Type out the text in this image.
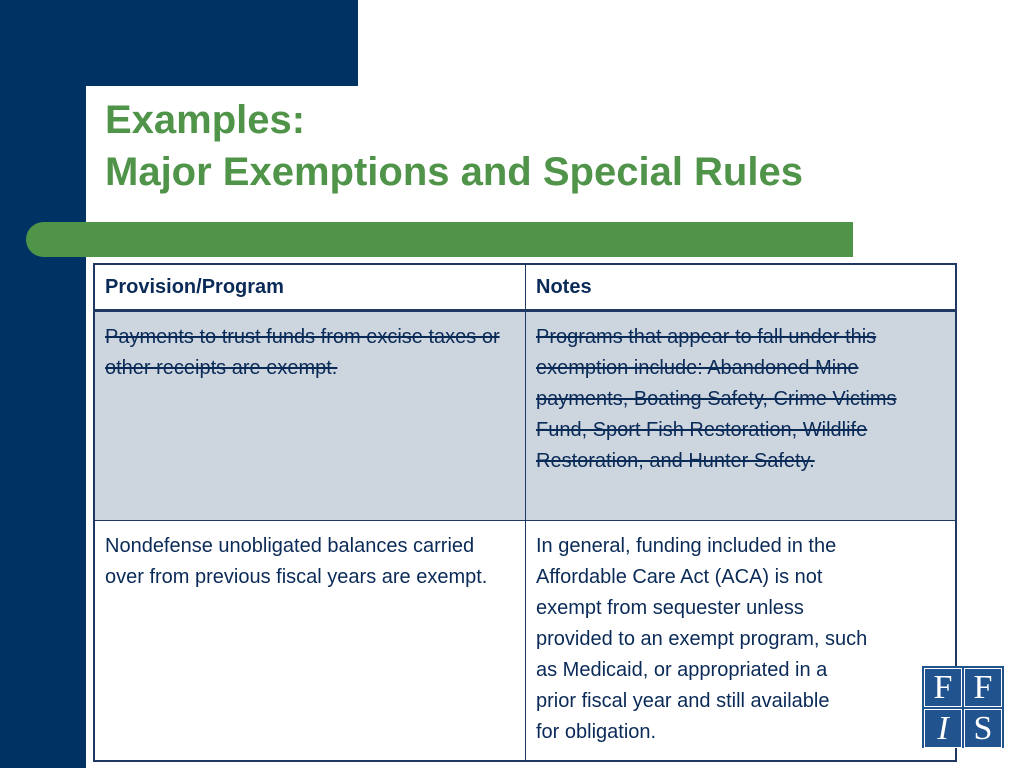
Examples:
Major Exemptions and Special Rules
Provision/Program	Notes
Payments to trust funds from excise taxes or other receipts are exempt.
Programs that appear to fall under this exemption include: Abandoned Mine payments, Boating Safety, Crime Victims Fund, Sport Fish Restoration, Wildlife Restoration, and Hunter Safety.
Nondefense unobligated balances carried over from previous fiscal years are exempt.
In general, funding included in the
Affordable Care Act (ACA) is not
exempt from sequester unless
provided to an exempt program, such
as Medicaid, or appropriated in a
prior fiscal year and still available
for obligation.
F F
I S
